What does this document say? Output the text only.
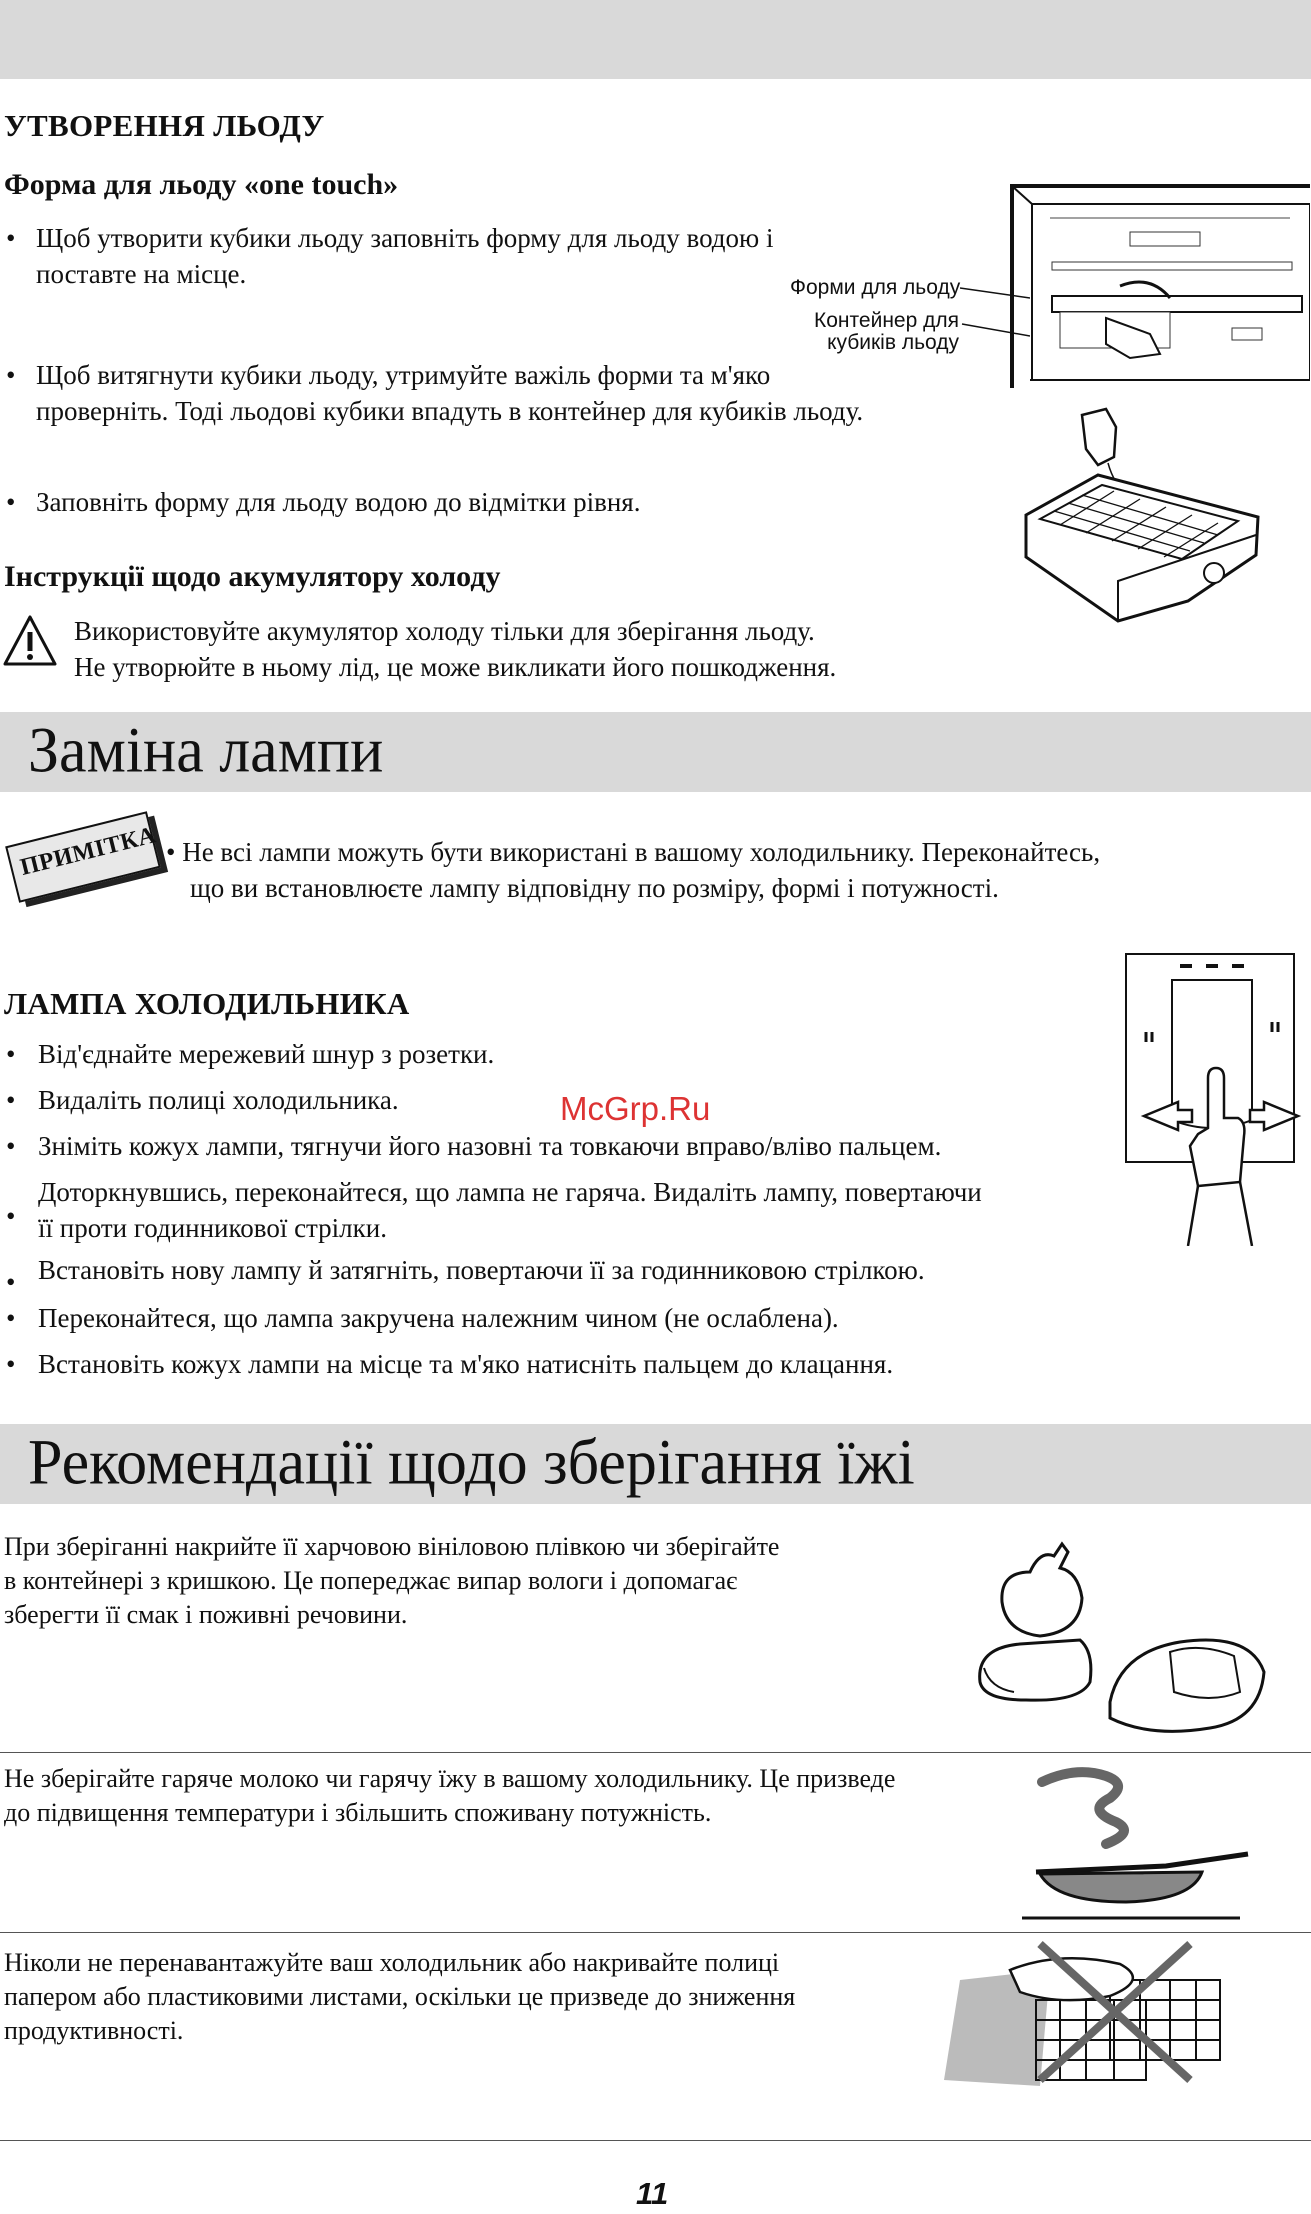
УТВОРЕННЯ ЛЬОДУ
Форма для льоду «one touch»
• Щоб утворити кубики льоду заповніть форму для льоду водою і
поставте на місце.
• Щоб витягнути кубики льоду, утримуйте важіль форми та м'яко
проверніть. Тоді льодові кубики впадуть в контейнер для кубиків льоду.
• Заповніть форму для льоду водою до відмітки рівня.
Форми для льоду
Контейнер для
кубиків льоду
Інструкції щодо акумулятору холоду
Використовуйте акумулятор холоду тільки для зберігання льоду.
Не утворюйте в ньому лід, це може викликати його пошкодження.
Заміна лампи
ПРИМІТКА • Не всі лампи можуть бути використані в вашому холодильнику. Переконайтесь,
що ви встановлюєте лампу відповідну по розміру, формі і потужності.
ЛАМПА ХОЛОДИЛЬНИКА
• Від'єднайте мережевий шнур з розетки.
• Видаліть полиці холодильника.
• Зніміть кожух лампи, тягнучи його назовні та товкаючи вправо/вліво пальцем.
•
Доторкнувшись, переконайтеся, що лампа не гаряча. Видаліть лампу, повертаючи
її проти годинникової стрілки.
• Встановіть нову лампу й затягніть, повертаючи її за годинниковою стрілкою.
• Переконайтеся, що лампа закручена належним чином (не ослаблена).
• Встановіть кожух лампи на місце та м'яко натисніть пальцем до клацання.
McGrp.Ru
Рекомендації щодо зберігання їжі
При зберіганні накрийте її харчовою вініловою плівкою чи зберігайте
в контейнері з кришкою. Це попереджає випар вологи і допомагає
зберегти її смак і поживні речовини.
Не зберігайте гаряче молоко чи гарячу їжу в вашому холодильнику. Це призведе
до підвищення температури і збільшить споживану потужність.
Ніколи не перенавантажуйте ваш холодильник або накривайте полиці
папером або пластиковими листами, оскільки це призведе до зниження
продуктивності.
11
